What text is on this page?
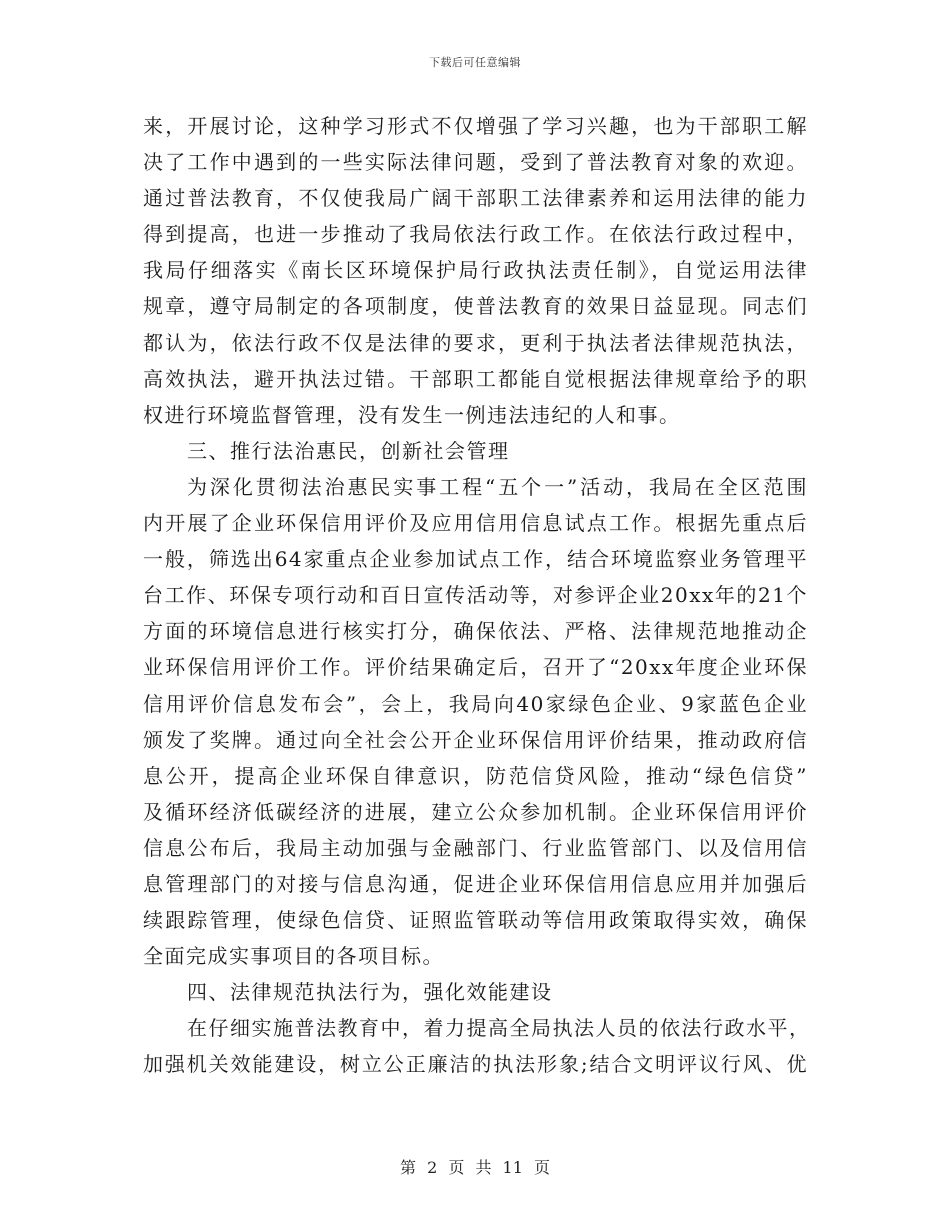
下载后可任意编辑
来，开展讨论，这种学习形式不仅增强了学习兴趣，也为干部职工解
决了工作中遇到的一些实际法律问题，受到了普法教育对象的欢迎。
通过普法教育，不仅使我局广阔干部职工法律素养和运用法律的能力
得到提高，也进一步推动了我局依法行政工作。在依法行政过程中，
我局仔细落实《南长区环境保护局行政执法责任制》，自觉运用法律
规章，遵守局制定的各项制度，使普法教育的效果日益显现。同志们
都认为，依法行政不仅是法律的要求，更利于执法者法律规范执法，
高效执法，避开执法过错。干部职工都能自觉根据法律规章给予的职
权进行环境监督管理，没有发生一例违法违纪的人和事。
三、推行法治惠民，创新社会管理
为深化贯彻法治惠民实事工程“五个一”活动，我局在全区范围
内开展了企业环保信用评价及应用信用信息试点工作。根据先重点后
一般，筛选出64家重点企业参加试点工作，结合环境监察业务管理平
台工作、环保专项行动和百日宣传活动等，对参评企业20xx年的21个
方面的环境信息进行核实打分，确保依法、严格、法律规范地推动企
业环保信用评价工作。评价结果确定后，召开了“20xx年度企业环保
信用评价信息发布会”，会上，我局向40家绿色企业、9家蓝色企业
颁发了奖牌。通过向全社会公开企业环保信用评价结果，推动政府信
息公开，提高企业环保自律意识，防范信贷风险，推动“绿色信贷”
及循环经济低碳经济的进展，建立公众参加机制。企业环保信用评价
信息公布后，我局主动加强与金融部门、行业监管部门、以及信用信
息管理部门的对接与信息沟通，促进企业环保信用信息应用并加强后
续跟踪管理，使绿色信贷、证照监管联动等信用政策取得实效，确保
全面完成实事项目的各项目标。
四、法律规范执法行为，强化效能建设
在仔细实施普法教育中，着力提高全局执法人员的依法行政水平，
加强机关效能建设，树立公正廉洁的执法形象;结合文明评议行风、优
第 2 页 共 11 页
